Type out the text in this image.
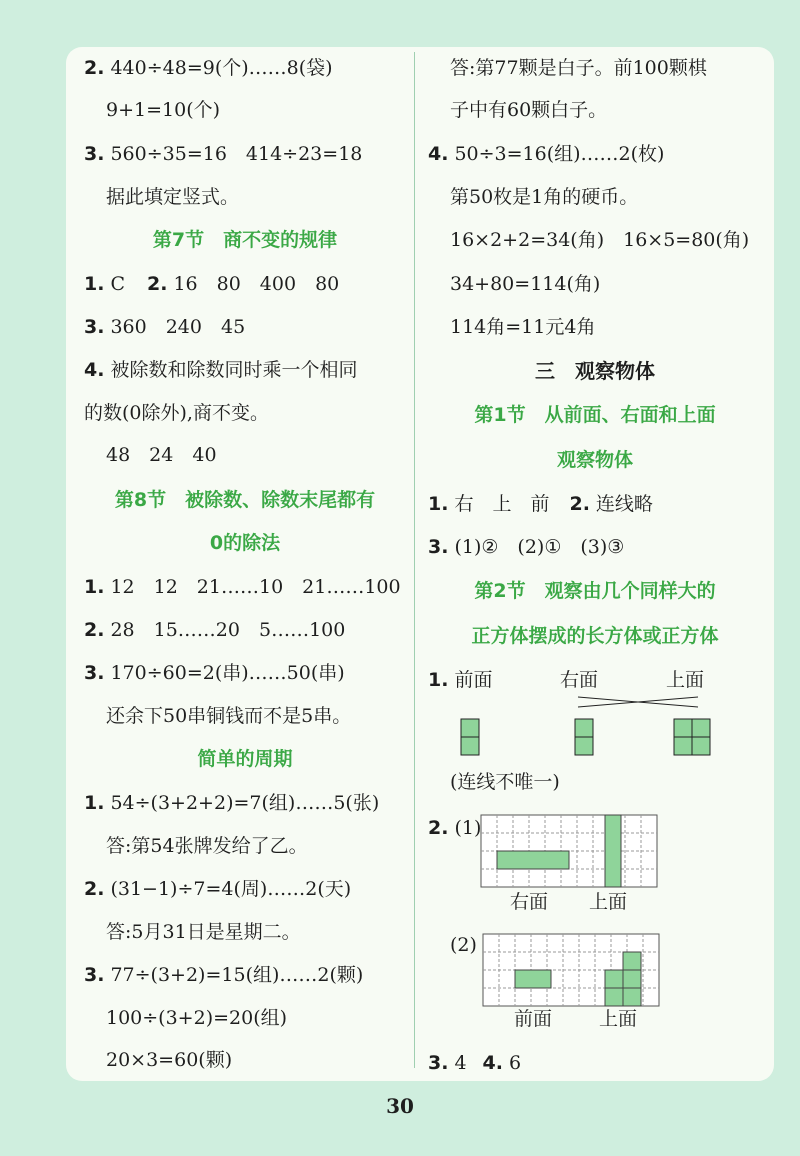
2. 440÷48=9(个)……8(袋)
9+1=10(个)
3. 560÷35=16　414÷23=18
据此填定竖式。
第7节　商不变的规律
1. C 2. 16　80　400　80
3. 360　240　45
4. 被除数和除数同时乘一个相同
的数(0除外),商不变。
48　24　40
第8节　被除数、除数末尾都有
0的除法
1. 12　12　21……10　21……100
2. 28　15……20　5……100
3. 170÷60=2(串)……50(串)
还余下50串铜钱而不是5串。
简单的周期
1. 54÷(3+2+2)=7(组)……5(张)
答:第54张牌发给了乙。
2. (31−1)÷7=4(周)……2(天)
答:5月31日是星期二。
3. 77÷(3+2)=15(组)……2(颗)
100÷(3+2)=20(组)
20×3=60(颗)
答:第77颗是白子。前100颗棋
子中有60颗白子。
4. 50÷3=16(组)……2(枚)
第50枚是1角的硬币。
16×2+2=34(角)　16×5=80(角)
34+80=114(角)
114角=11元4角
三　观察物体
第1节　从前面、右面和上面
观察物体
1. 右　上　前 2. 连线略
3. (1)②　(2)①　(3)③
第2节　观察由几个同样大的
正方体摆成的长方体或正方体
1. 前面	右面	上面
(连线不唯一)
2. (1)
右面 上面
(2)
前面 上面
3. 4 4. 6
30
